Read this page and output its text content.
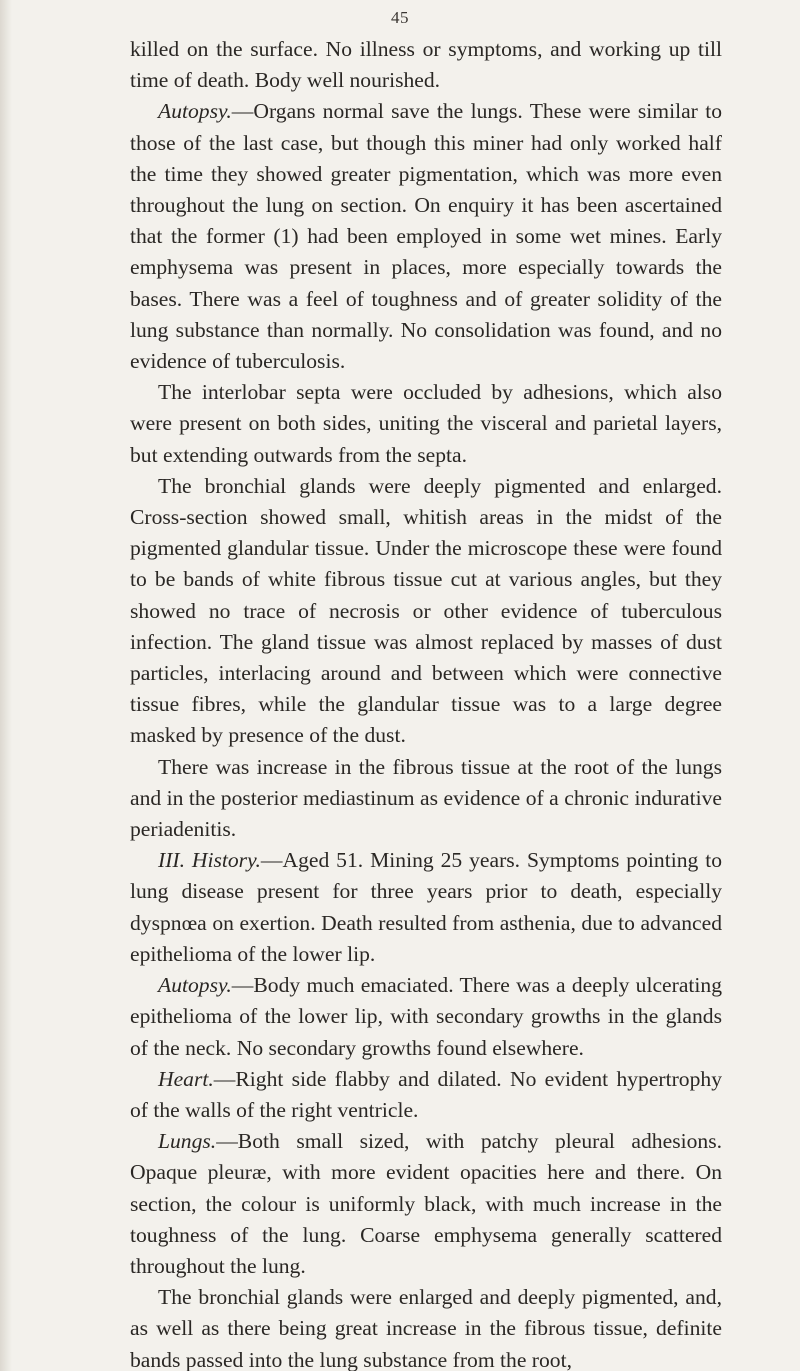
45

killed on the surface. No illness or symptoms, and working up till time of death. Body well nourished.

Autopsy.—Organs normal save the lungs. These were similar to those of the last case, but though this miner had only worked half the time they showed greater pigmentation, which was more even throughout the lung on section. On enquiry it has been ascertained that the former (1) had been employed in some wet mines. Early emphysema was present in places, more especially towards the bases. There was a feel of toughness and of greater solidity of the lung substance than normally. No consolidation was found, and no evidence of tuberculosis.

The interlobar septa were occluded by adhesions, which also were present on both sides, uniting the visceral and parietal layers, but extending outwards from the septa.

The bronchial glands were deeply pigmented and enlarged. Cross-section showed small, whitish areas in the midst of the pigmented glandular tissue. Under the microscope these were found to be bands of white fibrous tissue cut at various angles, but they showed no trace of necrosis or other evidence of tuberculous infection. The gland tissue was almost replaced by masses of dust particles, interlacing around and between which were connective tissue fibres, while the glandular tissue was to a large degree masked by presence of the dust.

There was increase in the fibrous tissue at the root of the lungs and in the posterior mediastinum as evidence of a chronic indurative periadenitis.

III. History.—Aged 51. Mining 25 years. Symptoms pointing to lung disease present for three years prior to death, especially dyspnœa on exertion. Death resulted from asthenia, due to advanced epithelioma of the lower lip.

Autopsy.—Body much emaciated. There was a deeply ulcerating epithelioma of the lower lip, with secondary growths in the glands of the neck. No secondary growths found elsewhere.

Heart.—Right side flabby and dilated. No evident hypertrophy of the walls of the right ventricle.

Lungs.—Both small sized, with patchy pleural adhesions. Opaque pleuræ, with more evident opacities here and there. On section, the colour is uniformly black, with much increase in the toughness of the lung. Coarse emphysema generally scattered throughout the lung.

The bronchial glands were enlarged and deeply pigmented, and, as well as there being great increase in the fibrous tissue, definite bands passed into the lung substance from the root,
